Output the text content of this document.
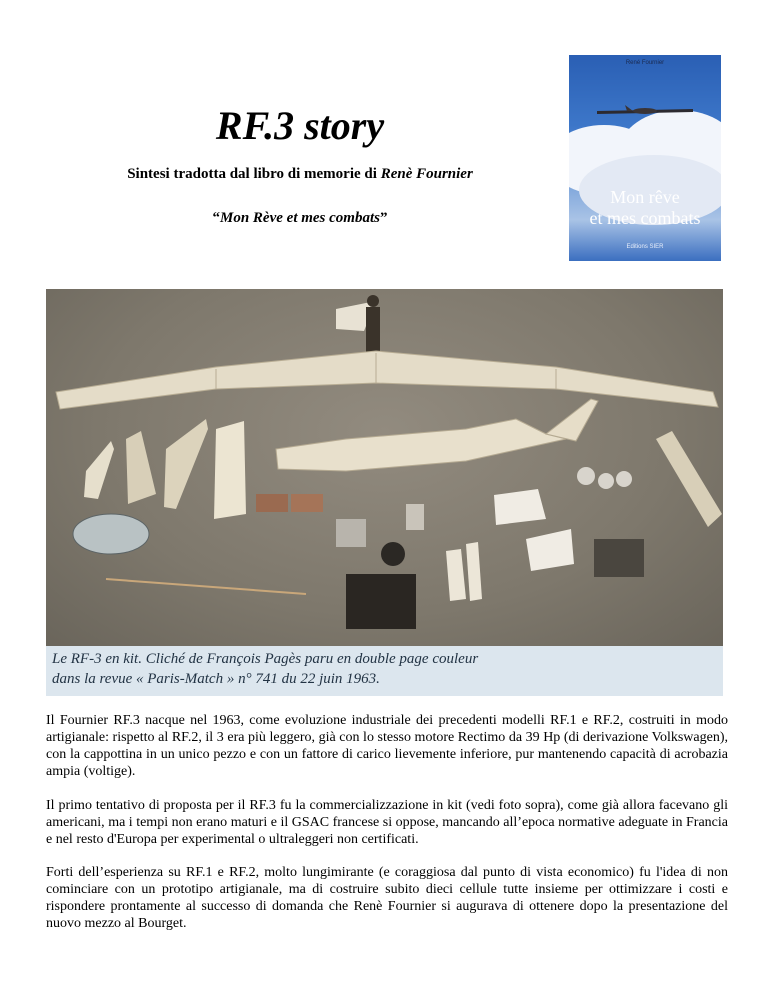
RF.3 story
Sintesi tradotta dal libro di memorie di Renè Fournier
“Mon Rève et mes combats”
René Fournier
Mon rêve
et mes combats
Editions SIER
Le RF-3 en kit. Cliché de François Pagès paru en double page couleur
dans la revue « Paris-Match » n° 741 du 22 juin 1963.

Il Fournier RF.3 nacque nel 1963, come evoluzione industriale dei precedenti modelli RF.1 e RF.2, costruiti in modo artigianale: rispetto al RF.2, il 3 era più leggero, già con lo stesso motore Rectimo da 39 Hp (di derivazione Volkswagen), con la cappottina in un unico pezzo e con un fattore di carico lievemente inferiore, pur mantenendo capacità di acrobazia ampia (voltige).

Il primo tentativo di proposta per il RF.3 fu la commercializzazione in kit (vedi foto sopra), come già allora facevano gli americani, ma i tempi non erano maturi e il GSAC francese si oppose, mancando all’epoca normative adeguate in Francia e nel resto d'Europa per experimental o ultraleggeri non certificati.

Forti dell’esperienza su RF.1 e RF.2, molto lungimirante (e coraggiosa dal punto di vista economico) fu l'idea di non cominciare con un prototipo artigianale, ma di costruire subito dieci cellule tutte insieme per ottimizzare i costi e rispondere prontamente al successo di domanda che Renè Fournier si augurava di ottenere dopo la presentazione del nuovo mezzo al Bourget.
